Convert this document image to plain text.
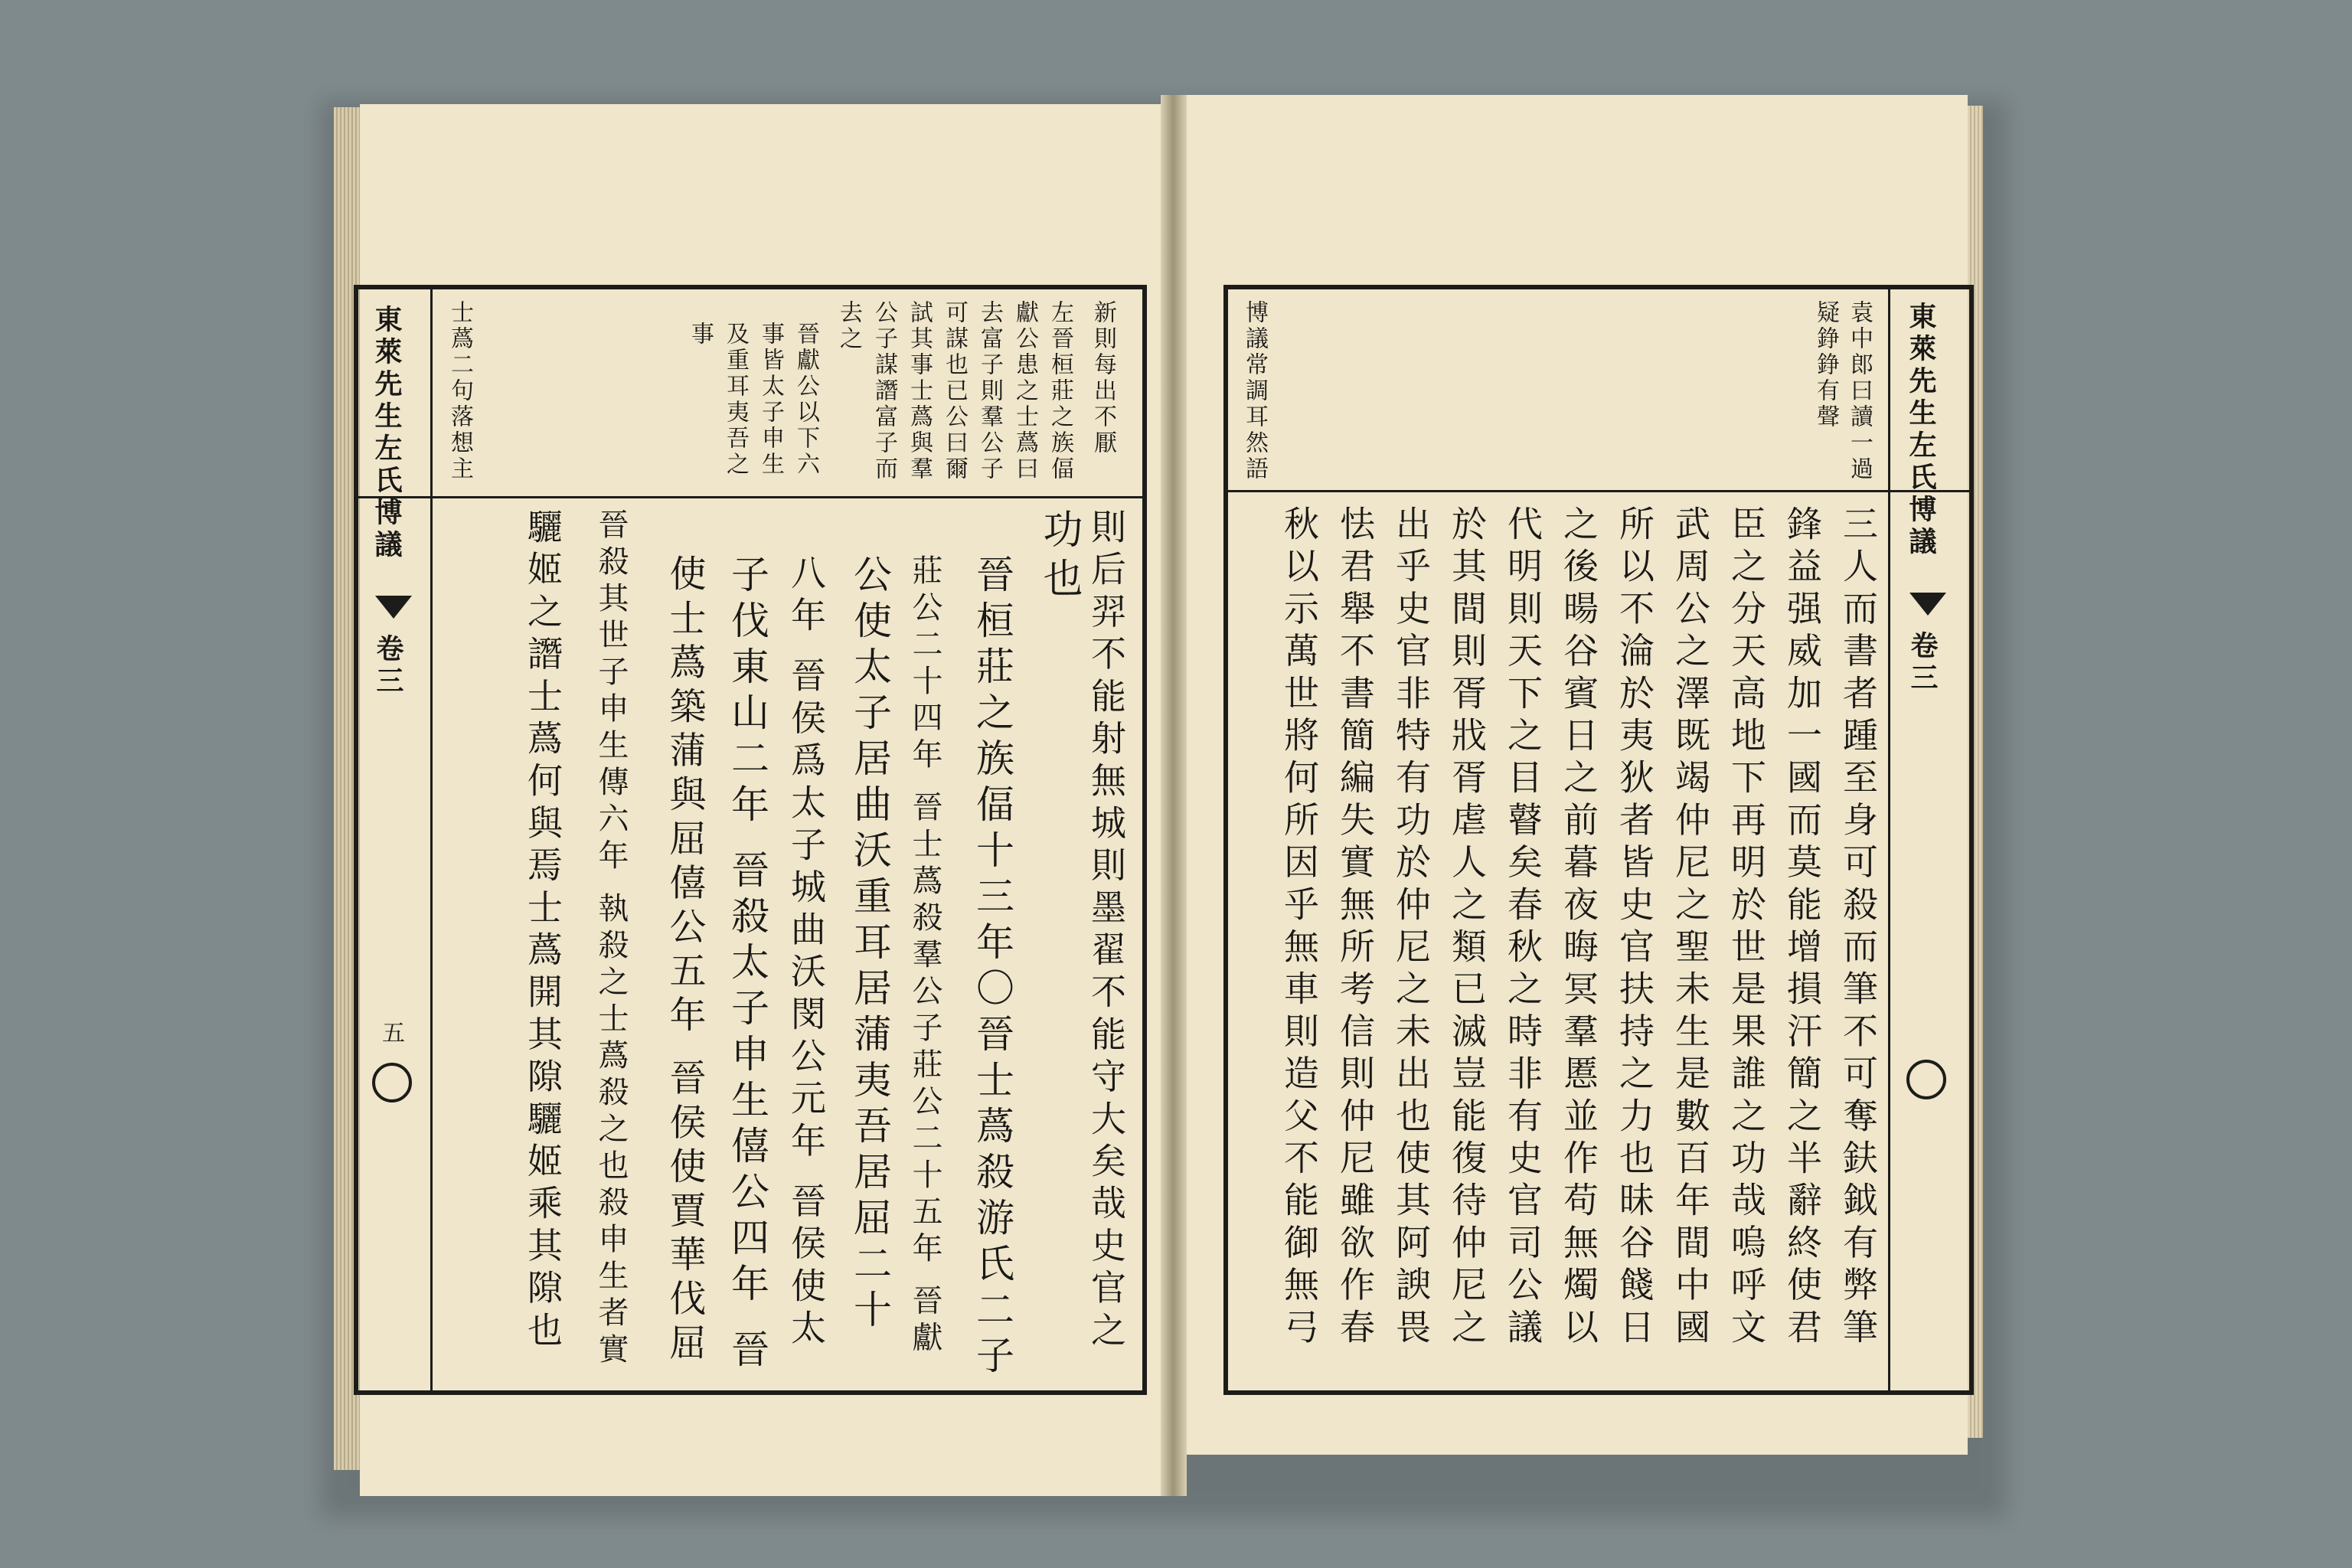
東萊先生左氏博議
卷三
五
新則每出不厭
左晉桓莊之族偪
獻公患之士蔿曰
去富子則羣公子
可謀也已公曰爾
試其事士蔿與羣
公子謀譖富子而
去之
晉獻公以下六
事皆太子申生
及重耳夷吾之
事
士蔿二句落想主
則后羿不能射無城則墨翟不能守大矣哉史官之
功也
晉桓莊之族偪十三年〇晉士蔿殺游氏二子
莊公二十四年 晉士蔿殺羣公子莊公二十五年 晉獻
公使太子居曲沃重耳居蒲夷吾居屈二十
八年 晉侯爲太子城曲沃閔公元年 晉侯使太
子伐東山二年 晉殺太子申生僖公四年 晉
使士蔿築蒲與屈僖公五年 晉侯使賈華伐屈
晉殺其世子申生傳六年 執殺之士蔿殺之也殺申生者實
驪姬之譖士蔿何與焉士蔿開其隙驪姬乘其隙也
東萊先生左氏博議
卷三
袁中郎曰讀一過
疑錚錚有聲
博議常調耳然語
三人而書者踵至身可殺而筆不可奪鈇鉞有弊筆
鋒益强威加一國而莫能增損汗簡之半辭終使君
臣之分天高地下再明於世是果誰之功哉嗚呼文
武周公之澤既竭仲尼之聖未生是數百年間中國
所以不淪於夷狄者皆史官扶持之力也昧谷餞日
之後暘谷賓日之前暮夜晦冥羣慝並作苟無燭以
代明則天下之目瞽矣春秋之時非有史官司公議
於其間則胥戕胥虐人之類已滅豈能復待仲尼之
出乎史官非特有功於仲尼之未出也使其阿諛畏
怯君舉不書簡編失實無所考信則仲尼雖欲作春
秋以示萬世將何所因乎無車則造父不能御無弓
